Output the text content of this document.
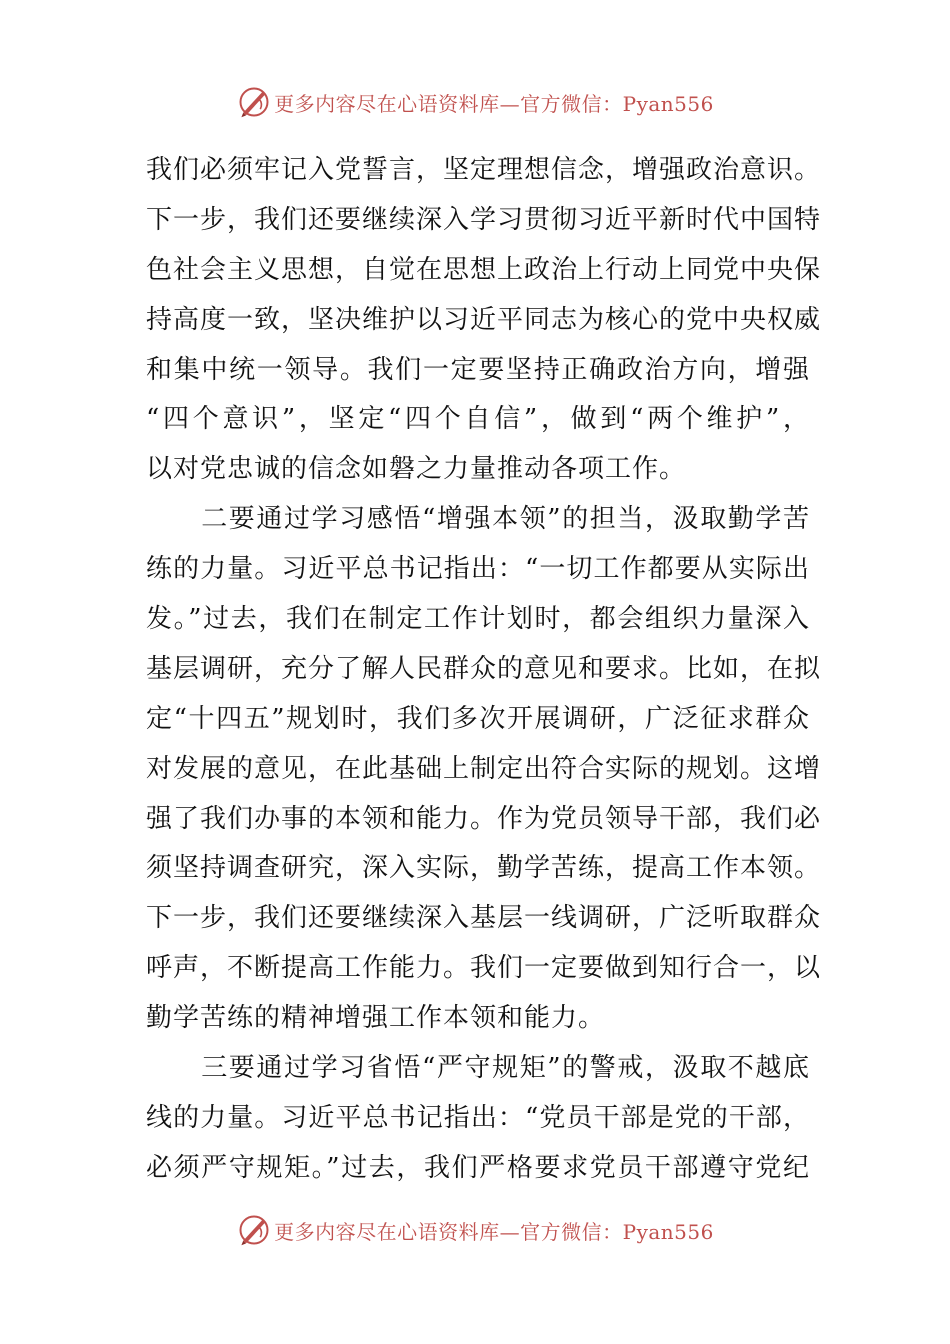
更多内容尽在心语资料库—官方微信：Pyan556
我们必须牢记入党誓言，坚定理想信念，增强政治意识。
下一步，我们还要继续深入学习贯彻习近平新时代中国特
色社会主义思想，自觉在思想上政治上行动上同党中央保
持高度一致，坚决维护以习近平同志为核心的党中央权威
和集中统一领导。我们一定要坚持正确政治方向，增强
“四个意识”，坚定“四个自信”，做到“两个维护”，
以对党忠诚的信念如磐之力量推动各项工作。
　　二要通过学习感悟“增强本领”的担当，汲取勤学苦
练的力量。习近平总书记指出：“一切工作都要从实际出
发。”过去，我们在制定工作计划时，都会组织力量深入
基层调研，充分了解人民群众的意见和要求。比如，在拟
定“十四五”规划时，我们多次开展调研，广泛征求群众
对发展的意见，在此基础上制定出符合实际的规划。这增
强了我们办事的本领和能力。作为党员领导干部，我们必
须坚持调查研究，深入实际，勤学苦练，提高工作本领。
下一步，我们还要继续深入基层一线调研，广泛听取群众
呼声，不断提高工作能力。我们一定要做到知行合一，以
勤学苦练的精神增强工作本领和能力。
　　三要通过学习省悟“严守规矩”的警戒，汲取不越底
线的力量。习近平总书记指出：“党员干部是党的干部，
必须严守规矩。”过去，我们严格要求党员干部遵守党纪
更多内容尽在心语资料库—官方微信：Pyan556
